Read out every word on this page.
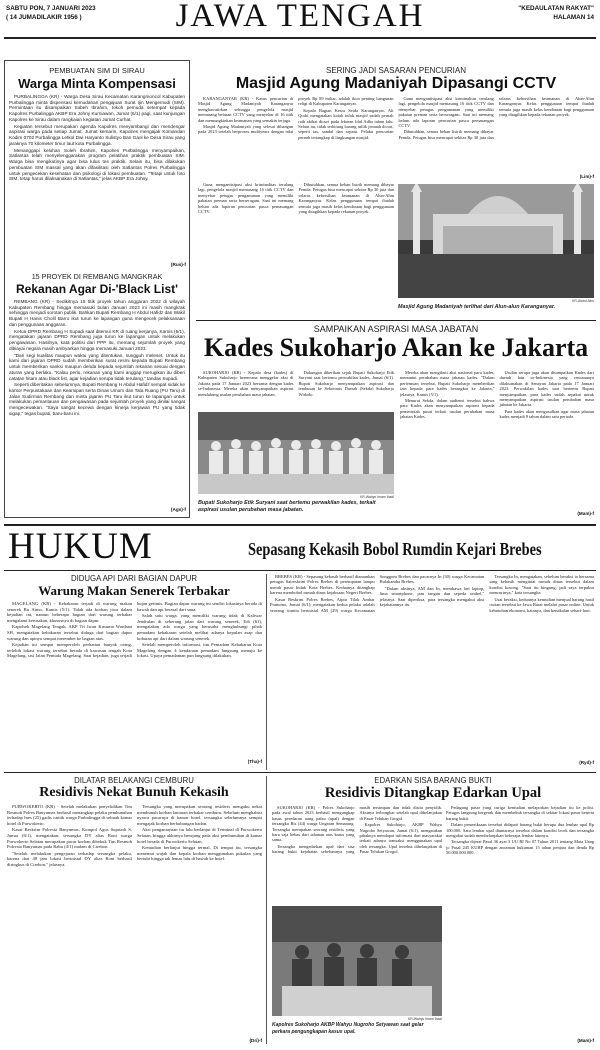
SABTU PON, 7 JANUARI 2023
( 14 JUMADILAKIR 1956 )	JAWA TENGAH	"KEDAULATAN RAKYAT"
HALAMAN 14
PEMBUATAN SIM DI SIRAU
Warga Minta Kompensasi

PURBALINGGA (KR) - Warga Desa Sirau Kecamatan Karangmoncol Kabupaten Purbalingga minta dispensasi kemudahan pengajuan Surat Ijin Mengemudi (SIM). Permintaan itu disampaikan Sobeh Ibrahim, tokoh pemuda setempat kepada Kapolres Purbalingga AKBP Era Johny Kurniawan, Jumat (6/1) pagi, saat kunjungan Kapolres ke Sirau dalam rangkaian kegiatan Jumat Curhat.

Kegiatan tersebut merupakan agenda Kapolres menyambangi dan mendengar aspirasi warga pada setiap Jumat. Jumat kemarin, Kapolres mengajak Komandan Kodim 0702 Purbalingga Letkol Dwi Haryanto Sulistyo Ban Gaol ke Desa Sirau yang jaraknya 70 kilometer timur laut kota Purbalingga.

Menanggapi keluhan Soleh Ibrahim, Kapolres Purbalingga menyampaikan, Satlantas telah menyelenggarakan program pelatihan praktik pembuatan SIM. Warga bisa mengikutinya agar bisa lulus tes praktik. Selain itu, bisa dilakukan pembuatan SIM massal yang akan difasilitasi oleh Satlantas Polres Purbalingga untuk pengecekan kesehatan dan psikologi di lokasi pembuatan. "Tetapi untuk foto SIM, tetap harus dilaksanakan di Satlantas," jelas AKBP Era Johny.

(Rus)-f
15 PROYEK DI REMBANG MANGKRAK
Rekanan Agar Di-'Black List'

REMBANG (KR) - Sedikitnya 15 titik proyek tahun anggaran 2022 di wilayah Kabupaten Rembang hingga memasuki bulan Januari 2023 ini masih mangkrak sehingga menjadi sorotan publik. Bahkan Bupati Rembang H Abdul Hafidz dan Wakil Bupati H Hanis Cholil Barro ikut turun ke lapangan guna mengecek pelaksanaan dan penggunaan anggaran.

Ketua DPRD Rembang H Supadi saat ditemui KR di ruang kerjanya, Kamis (5/1), mengatakan jajaran DPRD Rembang juga turun ke lapangan untuk melakukan pengawasan. Hasilnya, kata politisi dari PPP itu, memang sejumlah proyek yang dibiayai negara masih ambyarkan hingga memasuki Januari 2023.

"Dari segi kualitas maupun waktu yang ditentukan, sungguh meleset. Untuk itu kami dari jajaran DPRD sudah memberikan surat resmi kepada Bupati Rembang untuk memberikan sanksi maupun denda kepada sejumlah rekanan sesuai dengan aturan yang berlaku. "Kalau perlu, rekanan yang kami anggap merugikan itu diberi catatan hitam atau black list, agar kejadian serupa tidak terulang," tandas Supadi.

Seperti diberitakan sebelumnya, Bupati Rembang H Abdul Hafidz sempat sidak ke kantor Perpustakaan dan Kearsipan serta Dinas Umum dan Tata Ruang (PU Taru) di Jalan Sudirman Rembang dan minta jajaran PU Taru ikut turun ke lapangan untuk melakukan pemantauan dan pengawasan pada sejumlah proyek yang dinilai sangat mengecewakan. "Saya sangat kecewa dengan kinerja kerjawan PU yang tidak sigap," tegas bupati, baru-baru ini.

(Ags)-f
SERING JADI SASARAN PENCURIAN
Masjid Agung Madaniyah Dipasangi CCTV

KARANGANYAR (KR) - Kasus pencurian di Masjid Agung Madaniyah Karanganyar menghawatirkan sehingga pengelola masjid memasang belasan CCTV yang menyebar di 16 titik dan memungkinkan keamanan yang semakin terjaga.

Masjid Agung Madaniyah yang selesai dibangun pada 2023 setelah berproses multiyears dengan nilai proyek Rp 89 miliar, adalah ikon penting bangunan religi di Kabupaten Karanganyar.

Kepala Bagian Kesra Setda Karanganyar, Ali Qodri mengatakan kotak infak masjid sudah pernah raib akibat dicuri pada lebaran Idul Adha tahun lalu. Selain itu, tidak terhitung barang milik jemaah dicuri, seperti tas, sandal dan sepatu. Pelaku pencurian pernah tertangkap di lingkungan masjid.

Guna mengantisipasi aksi kriminalitas terulang lagi, pengelola masjid memasang 16 titik CCTV dan menyebar petugas pengamanan yang memiliki pakaian preman serta berseragam. Saat ini memang belum ada laporan pencurian pasca pemasangan CCTV.

Dibutuhkan, semua beban listrik memang dibayar Pemda. Petugas bisa mencapai sekitar Rp 30 juta dan selaras kebersihan keamanan di Alun-Alun Karanganyar. Kelas penggunaan tempat ibadah semula juga masih kelas kendaraan bagi penggunaan yang ditagihkan kepada rekanan proyek.

Guna mengantisipasi aksi kriminalitas terulang lagi, pengelola masjid memasang 16 titik CCTV dan menyebar petugas pengamanan yang memiliki pakaian preman serta berseragam. Saat ini memang belum ada laporan pencurian pasca pemasangan CCTV.

Dibutuhkan, semua beban listrik memang dibayar Pemda. Petugas bisa mencapai sekitar Rp 30 juta dan selaras kebersihan keamanan di Alun-Alun Karanganyar. Kelas penggunaan tempat ibadah semula juga masih kelas kendaraan bagi penggunaan yang ditagihkan kepada rekanan proyek.

(Lim)-f
KR-Abdul Alim
Masjid Agung Madaniyah terlihat dari Alun-alun Karanganyar.
SAMPAIKAN ASPIRASI MASA JABATAN
Kades Sukoharjo Akan ke Jakarta

SUKOHARJO (KR) - Kepala desa (kades) di Kabupaten Sukoharjo berencana menggelar aksi di Jakarta pada 17 Januari 2023 bersama dengan kades se-Indonesia. Mereka akan menyampaikan aspirasi mendukung usulan perubahan masa jabatan.

Dukungan diberikan sejak Bupati Sukoharjo Etik Suryani saat bertemu perwakilan kades, Jumat (6/1). Bupati Sukoharjo menyampaikan aspirasi dan tembusan ke Sekretaris Daerah (Sekda) Sukoharjo Widodo.

KR-Wahyu Imam Ibadi
Bupati Sukoharjo Etik Suryani saat bertemu perwakilan kades, terkait aspirasi usulan perubahan masa jabatan.

Mereka akan mengikuti aksi nasional para kades, menuntut perubahan masa jabatan kades. "Dalam pertemuan tersebut, Bupati Sukoharjo memberikan izin kepada para kades berangkat ke Jakarta," jelasnya, Kamis (5/1).

Menurut Sekda, dalam audiensi tersebut bahwa para Kades akan menyampaikan aspirasi kepada pemerintah pusat terkait usulan perubahan masa jabatan Kades.

Usulan serupa juga akan disampaikan Kades dari daerah lain se-Indonesia yang rencananya dilaksanakan di Senayan Jakarta pada 17 Januari 2023. Perwakilan kades saat bertemu Bupati menyampaikan, para kades sudah sepakat untuk menyampaikan aspirasi usulan perubahan masa jabatan ke Jakarta.

Para kades akan mengusulkan agar masa jabatan kades menjadi 9 tahun dalam satu periode.

(Mam)-f
HUKUM	Sepasang Kekasih Bobol Rumdin Kejari Brebes
DIDUGA API DARI BAGIAN DAPUR
Warung Makan Senerek Terbakar

MAGELANG (KR) - Kebakaran terjadi di warung makan senerek Bu Atmo, Kamis (5/1). Tidak ada korban jiwa dalam kejadian ini, namun beberapa bagian dari warung terbakar mengalami kerusakan, khususnya di bagian dapur.

Kapolsek Magelang Tengah, AKP Tri Iwan Kusuma Wardana SH, mengatakan kebakaran tersebut diduga dari bagian dapur warung dan apinya sempat merembet ke bagian atas.

Kejadian ini sempat memperoleh perhatian banyak orang, terlebih lokasi warung tersebut berada di kawasan tengah Kota Magelang, sisi Jalan Pemuda Magelang. Saat kejadian, juga terjadi hujan gerimis. Bagian dapur warung ini sendiri lokasinya berada di bawah dan api berasal dari sana.

Salah satu warga, yang memiliki warung tidak di Kaliwar Jendralan di seberang jalan dari warung senerek, Edi (61), mengatakan ada warga yang berusaha menghubungi pihak pemadam kebakaran setelah melihat adanya kepulan asap dan kobaran api dari dalam warung senerek.

Setelah memperoleh informasi, tim Pemadam Kebakaran Kota Magelang dengan 4 kendaraan pemadam langsung menuju ke lokasi. Upaya pemadaman pun langsung dilakukan.

(Tha)-f

BREBES (KR) - Sepasang kekasih berhasil diamankan petugas Satreskrim Polres Brebes di perempatan lampu merah pasar Induk Kota Brebes. Keduanya ditangkap karena membobol rumah dinas kejaksaan Negeri Brebes.

Kasat Reskrim Polres Brebes, Aiptu Tilok Ambar Pramono, Jumat (6/1), mengatakan kedua pelaku adalah seorang wanita berinisial AM (29) warga Kecamatan Songgom Brebes dan pacarnya In (30) warga Kecamatan Bulakamba Brebes.

"Dalam aksinya, AM dan In, membawa lari laptop, lima smartphone, jam tangan dan sepeda onthel," jelasnya. Saat diperiksa, para tersangka mengakui aksi kejahatannya itu.

Tersangka In, mengatakan, sebelum beraksi ia bersama sang kekasih mengintai rumah dinas tersebut dalam kondisi kosong. "Saat itu bingung, jadi saya terpaksa mencurinya," kata tersangka.

Usai beraksi, keduanya kemudian menjual barang hasil curian tersebut ke Jawa Barat melalui pasar online. Untuk kebutuhan ekonomi, katanya, dan kenakalan sehari-hari.

(Ryd)-f
DILATAR BELAKANGI CEMBURU
Residivis Nekat Bunuh Kekasih

PURWOKERTO (KR) - Setelah melakukan penyelidikan Tim Resmob Polres Banyumas berhasil menangkap pelaku pembunuhan terhadap Ines (25) gadis cantik warga Purbalingga di sebuah kamar hotel di Purwokerto.

Kasat Reskrim Polresta Banyumas, Kompol Agus Supriadi S, Jumat (6/1), mengatakan, tersangka DY alias Roni warga Purwokerto Selatan merupakan pacar korban dibekuk Tim Resmob Polresta Banyumas pada Rabu (4/1) malam di Cirebon.

"Setelah melakukan pengejaran terhadap tersangka pelaku, karena dari 48 jam lokasi berinisial DY alias Roni berhasil diringkus di Cirebon," jelasnya.

Tersangka yang merupakan seorang residivis mengaku nekat membunuh korban lantaran terbakar cemburu. Sebelum menghabisi nyawa pacarnya di kamar hotel, tersangka sebelumnya sempat mengajak korban berhubungan badan.

Aksi penganiayaan itu lalu berlanjut di Terminal di Purwokerto Selatan, hingga akhirnya berujung pada aksi pembunuhan di kamar hotel berada di Purwokerto Selatan.

Kemudian berlanjut hingga termal. Di tempat itu, tersangka menemui wajah dan kepala korban menggunakan pukulan yang bertubi hingga tak lemas lalu di bawah ke hotel.

(Dri)-f
EDARKAN SISA BARANG BUKTI
Residivis Ditangkap Edarkan Upal

SUKOHARJO (KR) - Polres Sukoharjo pada awal tahun 2023 berhasil mengungkap kasus peredaran uang palsu (upal) dengan tersangka Ris (44) warga Ungaran Semarang. Tersangka merupakan seorang residivis yang baru saja bebas dari tahanan atas kasus yang sama.

Tersangka mengedarkan upal dari sisa barang bukti kejahatan sebelumnya yang masih tersimpan dan tidak disita penyidik. Aksinya terbongkar setelah upal dibelanjakan di Pasar Telukan Grogol.

Kapolres Sukoharjo, AKBP Wahyu Nugroho Setyawan, Jumat (6/1), mengatakan pihaknya mendapat informasi dari masyarakat terkait adanya transaksi menggunakan upal oleh tersangka. Upal tersebut dibelanjakan di Pasar Telukan Grogol.

KR-Wahyu Imam Ibadi
Kapolres Sukoharjo AKBP Wahyu Nugroho Setyawan saat gelar perkara pengungkapan kasus upal.

Pedagang pasar yang curiga kemudian melaporkan kejadian itu ke polisi. Petugas langsung bergerak dan membekuk tersangka di sekitar lokasi pasar beserta barang bukti.

Dalam pemeriksaan tersebut didapati barang bukti berupa dua lembar upal Rp 100.000. Satu lembar upal diuntarnya tersebut dalam kondisi lecek dan tersangka mengakui sudah membelanjakan beberapa lembar lainnya.

Tersangka dijerat Pasal 36 ayat 3 UU RI No 07 Tahun 2011 tentang Mata Uang jo Pasal 245 KUHP dengan ancaman hukuman 15 tahun penjara dan denda Rp 50.000.000.000.

(Mam)-f
